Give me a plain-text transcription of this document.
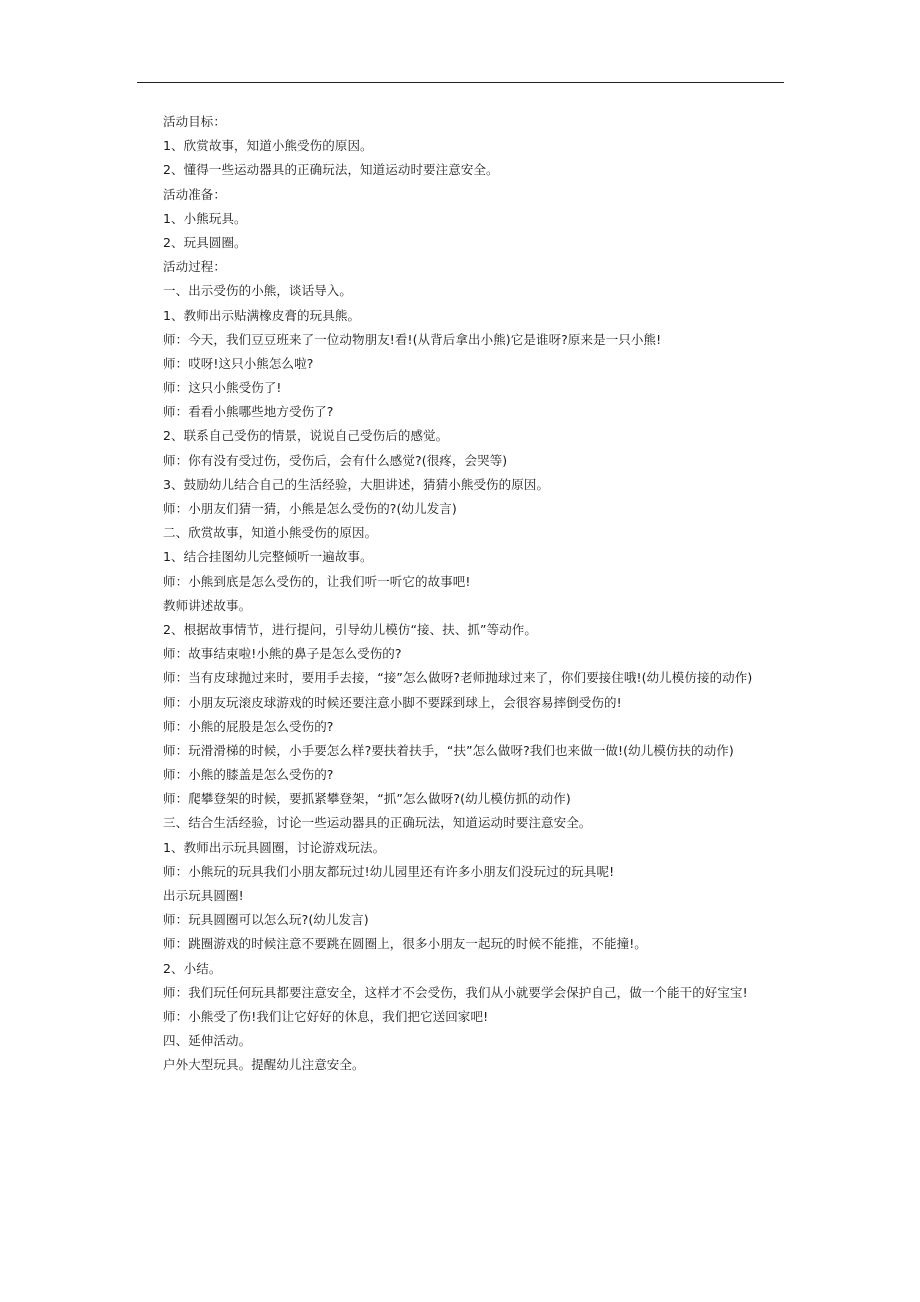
活动目标：
1、欣赏故事，知道小熊受伤的原因。
2、懂得一些运动器具的正确玩法，知道运动时要注意安全。
活动准备：
1、小熊玩具。
2、玩具圆圈。
活动过程：
一、出示受伤的小熊，谈话导入。
1、教师出示贴满橡皮膏的玩具熊。
师：今天，我们豆豆班来了一位动物朋友!看!(从背后拿出小熊)它是谁呀?原来是一只小熊!
师：哎呀!这只小熊怎么啦?
师：这只小熊受伤了!
师：看看小熊哪些地方受伤了?
2、联系自己受伤的情景，说说自己受伤后的感觉。
师：你有没有受过伤，受伤后，会有什么感觉?(很疼，会哭等)
3、鼓励幼儿结合自己的生活经验，大胆讲述，猜猜小熊受伤的原因。
师：小朋友们猜一猜，小熊是怎么受伤的?(幼儿发言)
二、欣赏故事，知道小熊受伤的原因。
1、结合挂图幼儿完整倾听一遍故事。
师：小熊到底是怎么受伤的，让我们听一听它的故事吧!
教师讲述故事。
2、根据故事情节，进行提问，引导幼儿模仿“接、扶、抓”等动作。
师：故事结束啦!小熊的鼻子是怎么受伤的?
师：当有皮球抛过来时，要用手去接，“接”怎么做呀?老师抛球过来了，你们要接住哦!(幼儿模仿接的动作)
师：小朋友玩滚皮球游戏的时候还要注意小脚不要踩到球上，会很容易摔倒受伤的!
师：小熊的屁股是怎么受伤的?
师：玩滑滑梯的时候，小手要怎么样?要扶着扶手，“扶”怎么做呀?我们也来做一做!(幼儿模仿扶的动作)
师：小熊的膝盖是怎么受伤的?
师：爬攀登架的时候，要抓紧攀登架，“抓”怎么做呀?(幼儿模仿抓的动作)
三、结合生活经验，讨论一些运动器具的正确玩法，知道运动时要注意安全。
1、教师出示玩具圆圈，讨论游戏玩法。
师：小熊玩的玩具我们小朋友都玩过!幼儿园里还有许多小朋友们没玩过的玩具呢!
出示玩具圆圈!
师：玩具圆圈可以怎么玩?(幼儿发言)
师：跳圈游戏的时候注意不要跳在圆圈上，很多小朋友一起玩的时候不能推，不能撞!。
2、小结。
师：我们玩任何玩具都要注意安全，这样才不会受伤，我们从小就要学会保护自己，做一个能干的好宝宝!
师：小熊受了伤!我们让它好好的休息，我们把它送回家吧!
四、延伸活动。
户外大型玩具。提醒幼儿注意安全。
